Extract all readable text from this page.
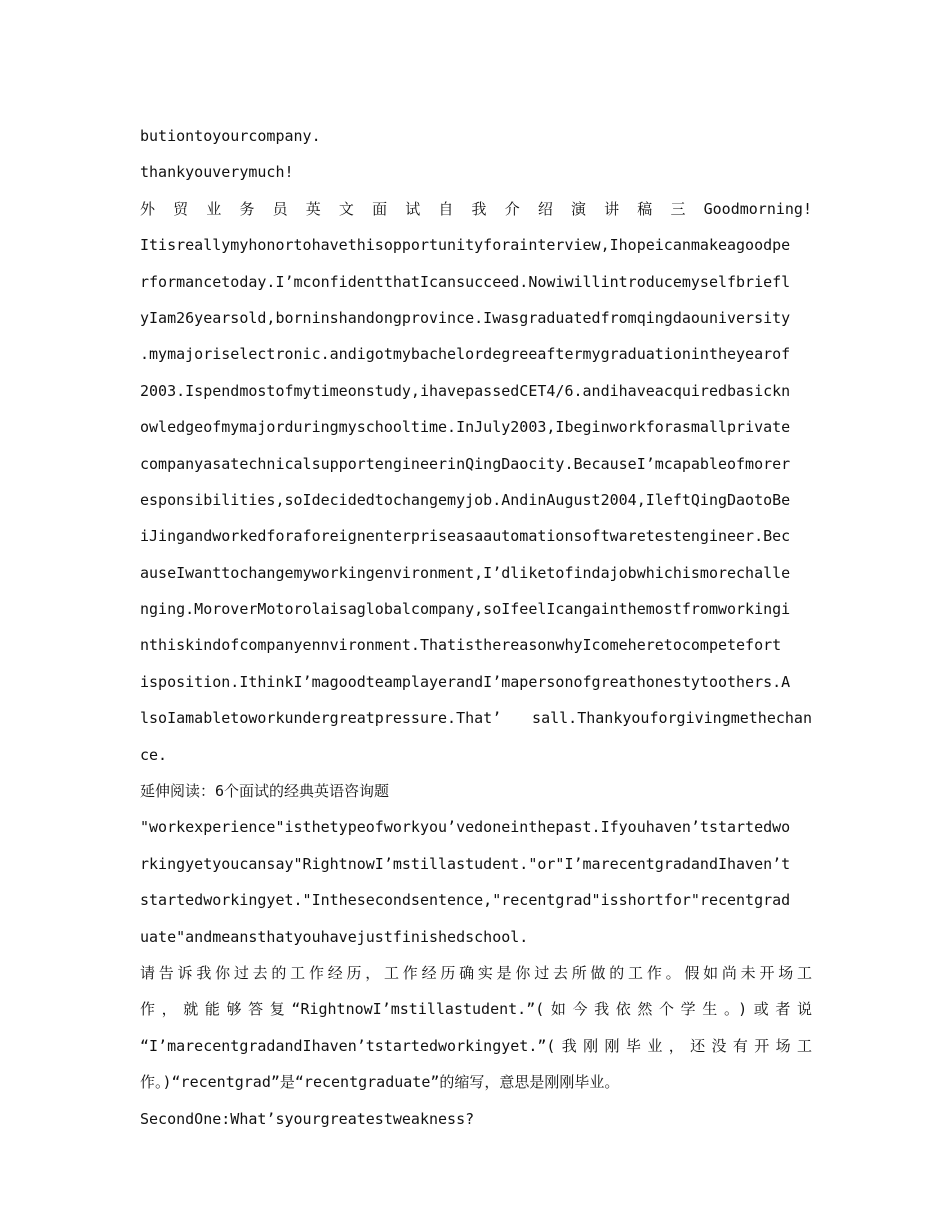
butiontoyourcompany.
thankyouverymuch!
外 贸 业 务 员 英 文 面 试 自 我 介 绍 演 讲 稿 三 Goodmorning!
Itisreallymyhonortohavethisopportunityforainterview,Ihopeicanmakeagoodpe
rformancetoday.I’mconfidentthatIcansucceed.Nowiwillintroducemyselfbriefl
yIam26yearsold,borninshandongprovince.Iwasgraduatedfromqingdaouniversity
.mymajoriselectronic.andigotmybachelordegreeaftermygraduationintheyearof
2003.Ispendmostofmytimeonstudy,ihavepassedCET4/6.andihaveacquiredbasickn
owledgeofmymajorduringmyschooltime.InJuly2003,Ibeginworkforasmallprivate
companyasatechnicalsupportengineerinQingDaocity.BecauseI’mcapableofmorer
esponsibilities,soIdecidedtochangemyjob.AndinAugust2004,IleftQingDaotoBe
iJingandworkedforaforeignenterpriseasaautomationsoftwaretestengineer.Bec
auseIwanttochangemyworkingenvironment,I’dliketofindajobwhichismorechalle
nging.MoroverMotorolaisaglobalcompany,soIfeelIcangainthemostfromworkingi
nthiskindofcompanyennvironment.ThatisthereasonwhyIcomeheretocompetefort
isposition.IthinkI’magoodteamplayerandI’mapersonofgreathonestytoothers.A
lsoIamabletoworkundergreatpressure.That’ sall.Thankyouforgivingmethechan
ce.
延伸阅读：6个面试的经典英语咨询题
"workexperience"isthetypeofworkyou’vedoneinthepast.Ifyouhaven’tstartedwo
rkingyetyoucansay"RightnowI’mstillastudent."or"I’marecentgradandIhaven’t
startedworkingyet."Inthesecondsentence,"recentgrad"isshortfor"recentgrad
uate"andmeansthatyouhavejustfinishedschool.
请告诉我你过去的工作经历，工作经历确实是你过去所做的工作。假如尚未开场工
作，就能够答复“RightnowI’mstillastudent.”(如今我依然个学生。)或者说
“I’marecentgradandIhaven’tstartedworkingyet.”(我刚刚毕业，还没有开场工
作。)“recentgrad”是“recentgraduate”的缩写，意思是刚刚毕业。
SecondOne:What’syourgreatestweakness?
